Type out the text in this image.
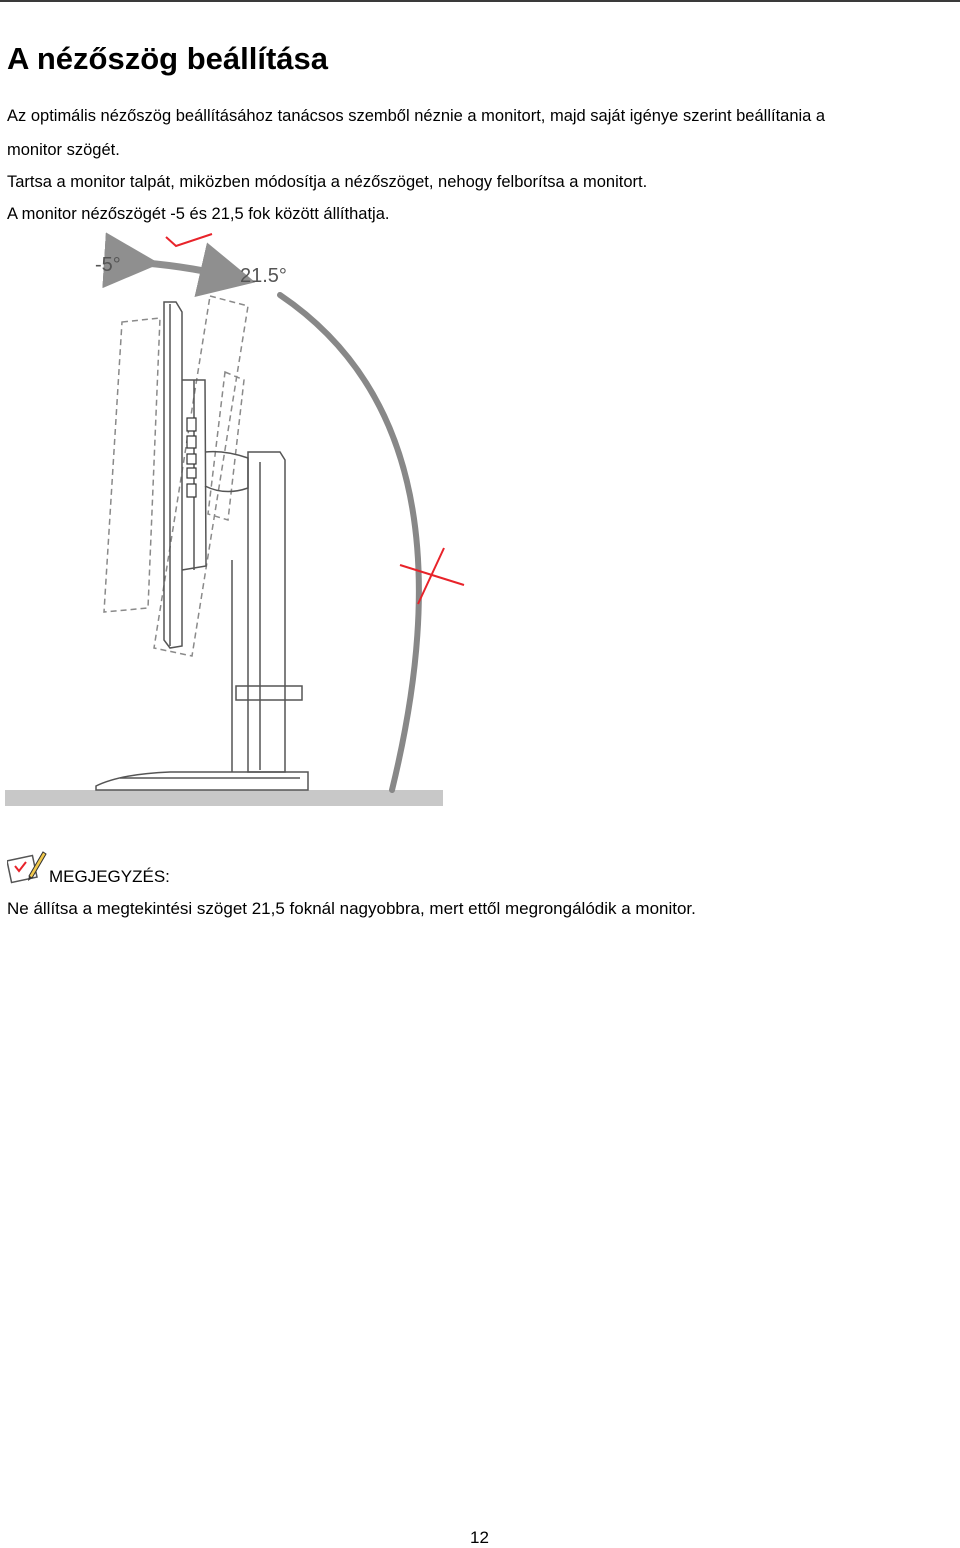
A nézőszög beállítása

Az optimális nézőszög beállításához tanácsos szemből néznie a monitort, majd saját igénye szerint beállítania a

monitor szögét.

Tartsa a monitor talpát, miközben módosítja a nézőszöget, nehogy felborítsa a monitort.

A monitor nézőszögét -5 és 21,5 fok között állíthatja.

-5°	21.5°

MEGJEGYZÉS:

Ne állítsa a megtekintési szöget 21,5 foknál nagyobbra, mert ettől megrongálódik a monitor.

12
